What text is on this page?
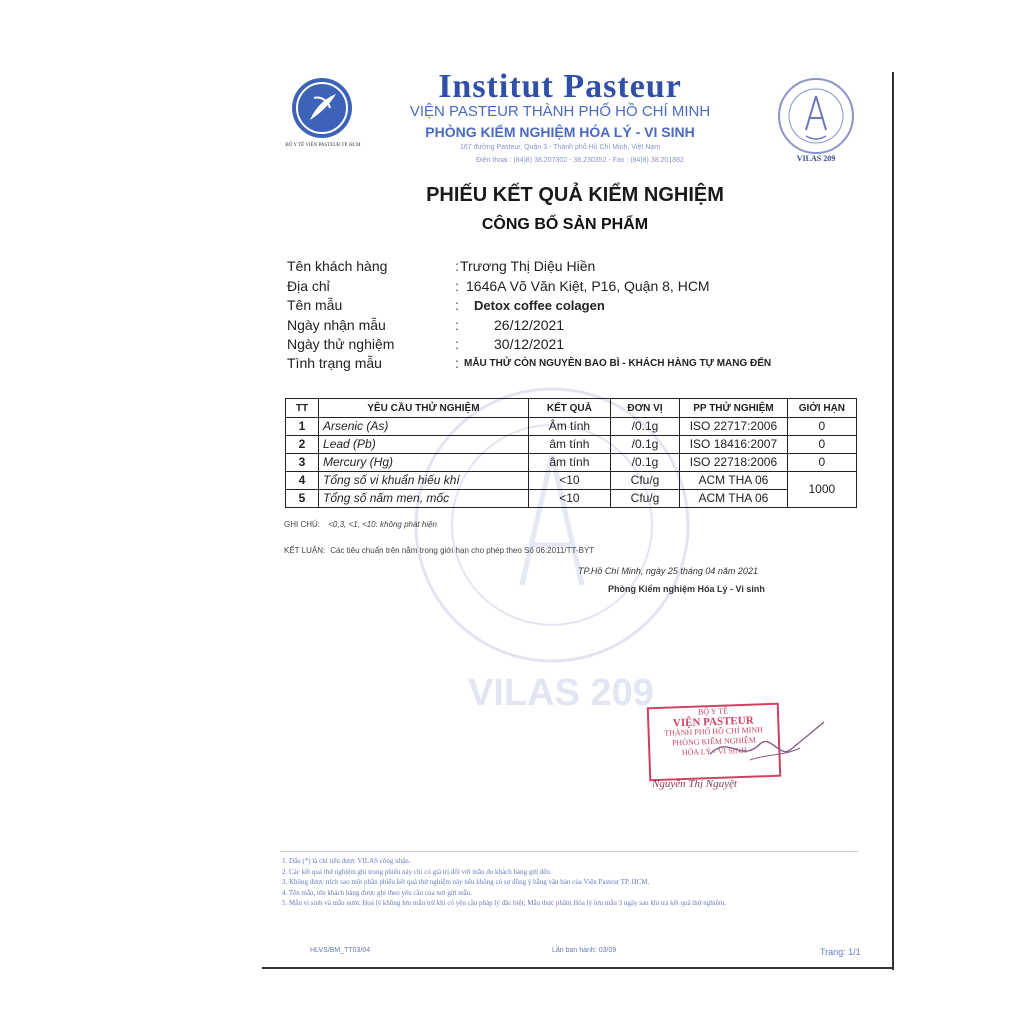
BỘ Y TẾ VIỆN PASTEUR TP. HCM
VILAS 209
Institut Pasteur
VIỆN PASTEUR THÀNH PHỐ HỒ CHÍ MINH
PHÒNG KIỂM NGHIỆM HÓA LÝ - VI SINH
167 đường Pasteur, Quận 3 - Thành phố Hồ Chí Minh, Việt Nam
Điện thoại : (84)8) 38.207302 - 38.230352 - Fax : (84)8) 38.201882
PHIẾU KẾT QUẢ KIỂM NGHIỆM
CÔNG BỐ SẢN PHẨM
Tên khách hàng	: Trương Thị Diệu Hiền
Địa chỉ	: 1646A Võ Văn Kiệt, P16, Quận 8, HCM
Tên mẫu	: Detox coffee colagen
Ngày nhận mẫu	:	26/12/2021
Ngày thử nghiệm	:	30/12/2021
Tình trạng mẫu	: MẪU THỬ CÒN NGUYÊN BAO BÌ - KHÁCH HÀNG TỰ MANG ĐẾN
VILAS 209
TT	YÊU CẦU THỬ NGHIỆM	KẾT QUẢ	ĐƠN VỊ	PP THỬ NGHIỆM	GIỚI HẠN
1	Arsenic (As)	Âm tính	/0.1g	ISO 22717:2006	0
2	Lead (Pb)	âm tính	/0.1g	ISO 18416:2007	0
3	Mercury (Hg)	âm tính	/0.1g	ISO 22718:2006	0
4	Tổng số vi khuẩn hiếu khí	<10	Cfu/g	ACM THA 06	1000
5	Tổng số nấm men, mốc	<10	Cfu/g	ACM THA 06	
GHI CHÚ: <0,3, <1, <10: không phát hiện
KẾT LUẬN: Các tiêu chuẩn trên nằm trong giới hạn cho phép theo Số 06:2011/TT-BYT
TP.Hồ Chí Minh, ngày 25 tháng 04 năm 2021
Phòng Kiểm nghiệm Hóa Lý - Vi sinh
BỘ Y TẾ
VIỆN PASTEUR
THÀNH PHỐ HỒ CHÍ MINH
PHÒNG KIỂM NGHIỆM
HÓA LÝ - VI SINH
Nguyễn Thị Nguyệt
1. Dấu (*) là chỉ tiêu được VILAS công nhận.
2. Các kết quả thử nghiệm ghi trong phiếu này chỉ có giá trị đối với mẫu do khách hàng gửi đến.
3. Không được trích sao một phần phiếu kết quả thử nghiệm này nếu không có sự đồng ý bằng văn bản của Viện Pasteur TP. HCM.
4. Tên mẫu, tên khách hàng được ghi theo yêu cầu của nơi gửi mẫu.
5. Mẫu vi sinh và mẫu nước Hoá lý không lưu mẫu trừ khi có yêu cầu pháp lý đặc biệt; Mẫu thực phẩm Hóa lý lưu mẫu 3 ngày sau khi trả kết quả thử nghiệm.
HLVS/BM_TT03/04	Lần ban hành: 03/09	Trang: 1/1
